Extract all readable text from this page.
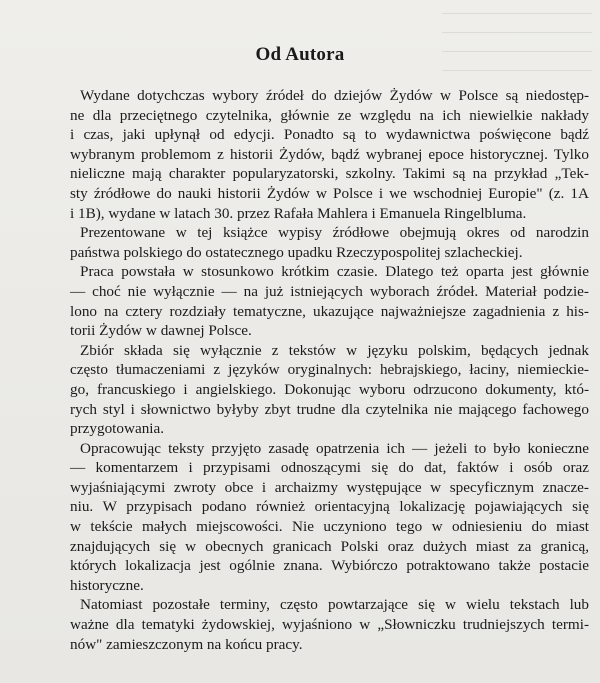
Od Autora

Wydane dotychczas wybory źródeł do dziejów Żydów w Polsce są niedostęp-
ne dla przeciętnego czytelnika, głównie ze względu na ich niewielkie nakłady
i czas, jaki upłynął od edycji. Ponadto są to wydawnictwa poświęcone bądź
wybranym problemom z historii Żydów, bądź wybranej epoce historycznej. Tylko
nieliczne mają charakter popularyzatorski, szkolny. Takimi są na przykład „Tek-
sty źródłowe do nauki historii Żydów w Polsce i we wschodniej Europie" (z. 1A
i 1B), wydane w latach 30. przez Rafała Mahlera i Emanuela Ringelbluma.

Prezentowane w tej książce wypisy źródłowe obejmują okres od narodzin
państwa polskiego do ostatecznego upadku Rzeczypospolitej szlacheckiej.

Praca powstała w stosunkowo krótkim czasie. Dlatego też oparta jest głównie
— choć nie wyłącznie — na już istniejących wyborach źródeł. Materiał podzie-
lono na cztery rozdziały tematyczne, ukazujące najważniejsze zagadnienia z his-
torii Żydów w dawnej Polsce.

Zbiór składa się wyłącznie z tekstów w języku polskim, będących jednak
często tłumaczeniami z języków oryginalnych: hebrajskiego, łaciny, niemieckie-
go, francuskiego i angielskiego. Dokonując wyboru odrzucono dokumenty, któ-
rych styl i słownictwo byłyby zbyt trudne dla czytelnika nie mającego fachowego
przygotowania.

Opracowując teksty przyjęto zasadę opatrzenia ich — jeżeli to było konieczne
— komentarzem i przypisami odnoszącymi się do dat, faktów i osób oraz
wyjaśniającymi zwroty obce i archaizmy występujące w specyficznym znacze-
niu. W przypisach podano również orientacyjną lokalizację pojawiających się
w tekście małych miejscowości. Nie uczyniono tego w odniesieniu do miast
znajdujących się w obecnych granicach Polski oraz dużych miast za granicą,
których lokalizacja jest ogólnie znana. Wybiórczo potraktowano także postacie
historyczne.

Natomiast pozostałe terminy, często powtarzające się w wielu tekstach lub
ważne dla tematyki żydowskiej, wyjaśniono w „Słowniczku trudniejszych termi-
nów" zamieszczonym na końcu pracy.
